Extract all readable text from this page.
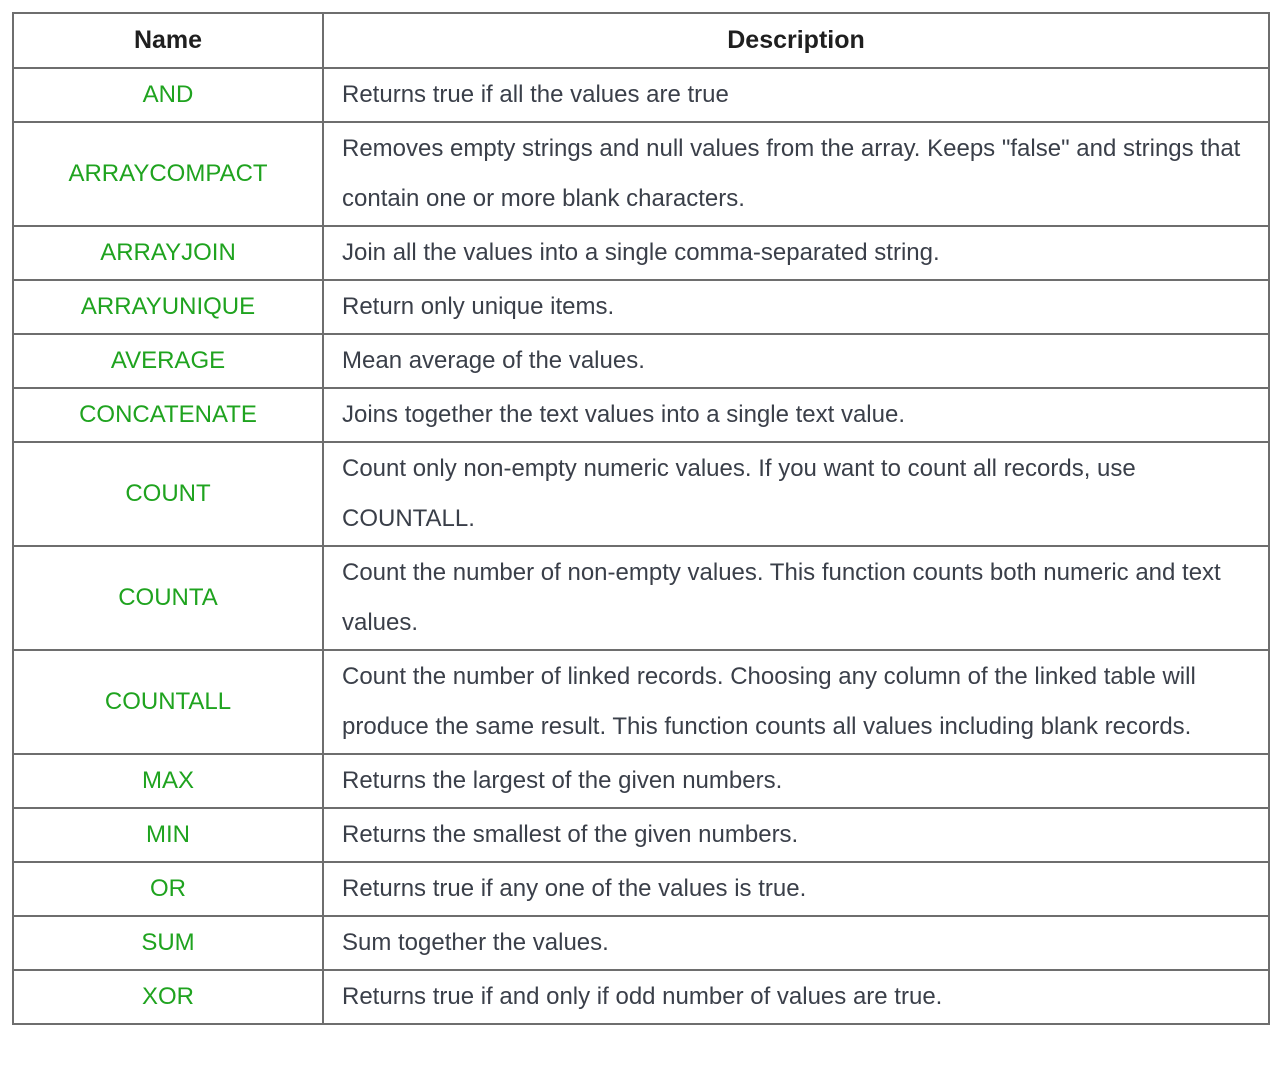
Name	Description
AND	Returns true if all the values are true
ARRAYCOMPACT	Removes empty strings and null values from the array. Keeps "false" and strings that contain one or more blank characters.
ARRAYJOIN	Join all the values into a single comma-separated string.
ARRAYUNIQUE	Return only unique items.
AVERAGE	Mean average of the values.
CONCATENATE	Joins together the text values into a single text value.
COUNT	Count only non-empty numeric values. If you want to count all records, use COUNTALL.
COUNTA	Count the number of non-empty values. This function counts both numeric and text values.
COUNTALL	Count the number of linked records. Choosing any column of the linked table will produce the same result. This function counts all values including blank records.
MAX	Returns the largest of the given numbers.
MIN	Returns the smallest of the given numbers.
OR	Returns true if any one of the values is true.
SUM	Sum together the values.
XOR	Returns true if and only if odd number of values are true.
